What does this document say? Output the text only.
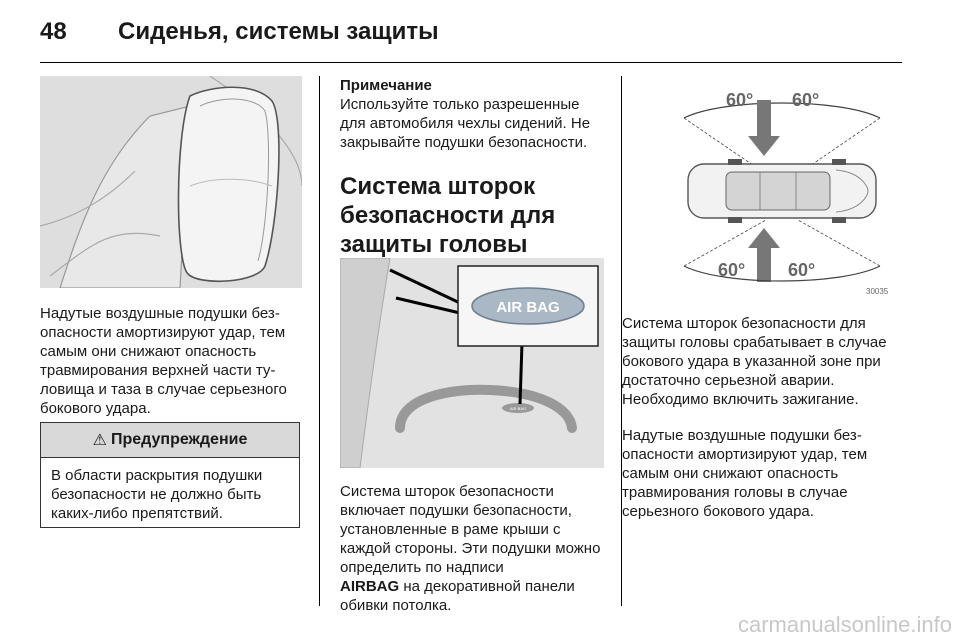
48 Сиденья, системы защиты

Надутые воздушные подушки безопасности амортизируют удар, тем самым они снижают опасность травмирования верхней части туловища и таза в случае серьезного бокового удара.

⚠ Предупреждение
В области раскрытия подушки безопасности не должно быть каких-либо препятствий.
Примечание
Используйте только разрешенные для автомобиля чехлы сидений. Не закрывайте подушки безопасности.
Система шторок безопасности для защиты головы
AIR BAG
AIR BAG

Система шторок безопасности включает подушки безопасности, установленные в раме крыши с каждой стороны. Эти подушки можно определить по надписи
AIRBAG на декоративной панели обивки потолка.

60° 60°
60° 60°
30035

Система шторок безопасности для защиты головы срабатывает в случае бокового удара в указанной зоне при достаточно серьезной аварии. Необходимо включить зажигание.

Надутые воздушные подушки безопасности амортизируют удар, тем самым они снижают опасность травмирования головы в случае серьезного бокового удара.

carmanualsonline.info
